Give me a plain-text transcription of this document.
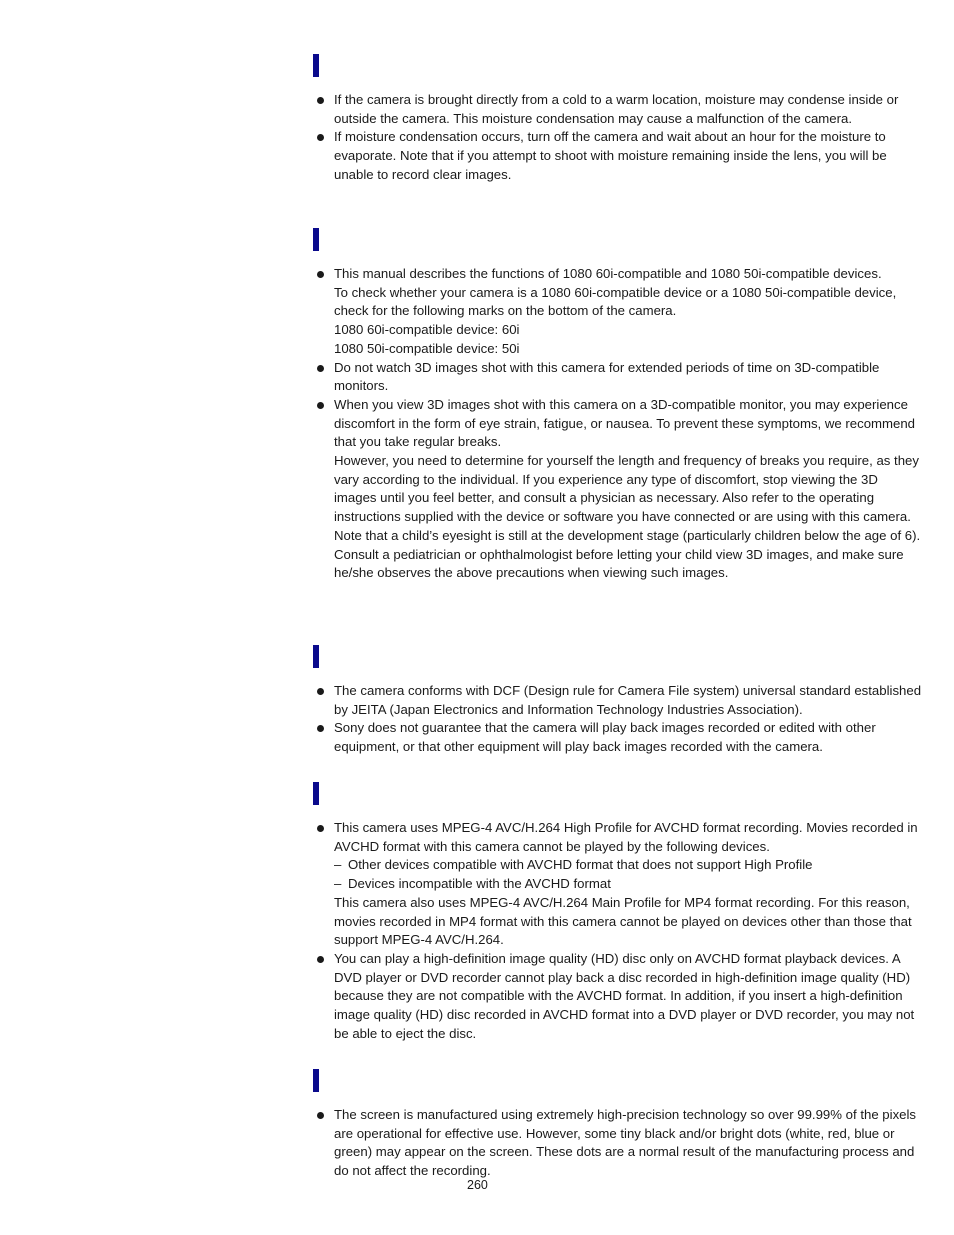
If the camera is brought directly from a cold to a warm location, moisture may condense inside or outside the camera. This moisture condensation may cause a malfunction of the camera.
If moisture condensation occurs, turn off the camera and wait about an hour for the moisture to evaporate. Note that if you attempt to shoot with moisture remaining inside the lens, you will be unable to record clear images.
This manual describes the functions of 1080 60i-compatible and 1080 50i-compatible devices.
To check whether your camera is a 1080 60i-compatible device or a 1080 50i-compatible device, check for the following marks on the bottom of the camera.
1080 60i-compatible device: 60i
1080 50i-compatible device: 50i
Do not watch 3D images shot with this camera for extended periods of time on 3D-compatible monitors.
When you view 3D images shot with this camera on a 3D-compatible monitor, you may experience discomfort in the form of eye strain, fatigue, or nausea. To prevent these symptoms, we recommend that you take regular breaks.
However, you need to determine for yourself the length and frequency of breaks you require, as they vary according to the individual. If you experience any type of discomfort, stop viewing the 3D images until you feel better, and consult a physician as necessary. Also refer to the operating instructions supplied with the device or software you have connected or are using with this camera.
Note that a child’s eyesight is still at the development stage (particularly children below the age of 6). Consult a pediatrician or ophthalmologist before letting your child view 3D images, and make sure he/she observes the above precautions when viewing such images.
The camera conforms with DCF (Design rule for Camera File system) universal standard established by JEITA (Japan Electronics and Information Technology Industries Association).
Sony does not guarantee that the camera will play back images recorded or edited with other equipment, or that other equipment will play back images recorded with the camera.
This camera uses MPEG-4 AVC/H.264 High Profile for AVCHD format recording. Movies recorded in AVCHD format with this camera cannot be played by the following devices.
– Other devices compatible with AVCHD format that does not support High Profile
– Devices incompatible with the AVCHD format
This camera also uses MPEG-4 AVC/H.264 Main Profile for MP4 format recording. For this reason, movies recorded in MP4 format with this camera cannot be played on devices other than those that support MPEG-4 AVC/H.264.
You can play a high-definition image quality (HD) disc only on AVCHD format playback devices. A DVD player or DVD recorder cannot play back a disc recorded in high-definition image quality (HD) because they are not compatible with the AVCHD format. In addition, if you insert a high-definition image quality (HD) disc recorded in AVCHD format into a DVD player or DVD recorder, you may not be able to eject the disc.
The screen is manufactured using extremely high-precision technology so over 99.99% of the pixels are operational for effective use. However, some tiny black and/or bright dots (white, red, blue or green) may appear on the screen. These dots are a normal result of the manufacturing process and do not affect the recording.
260
